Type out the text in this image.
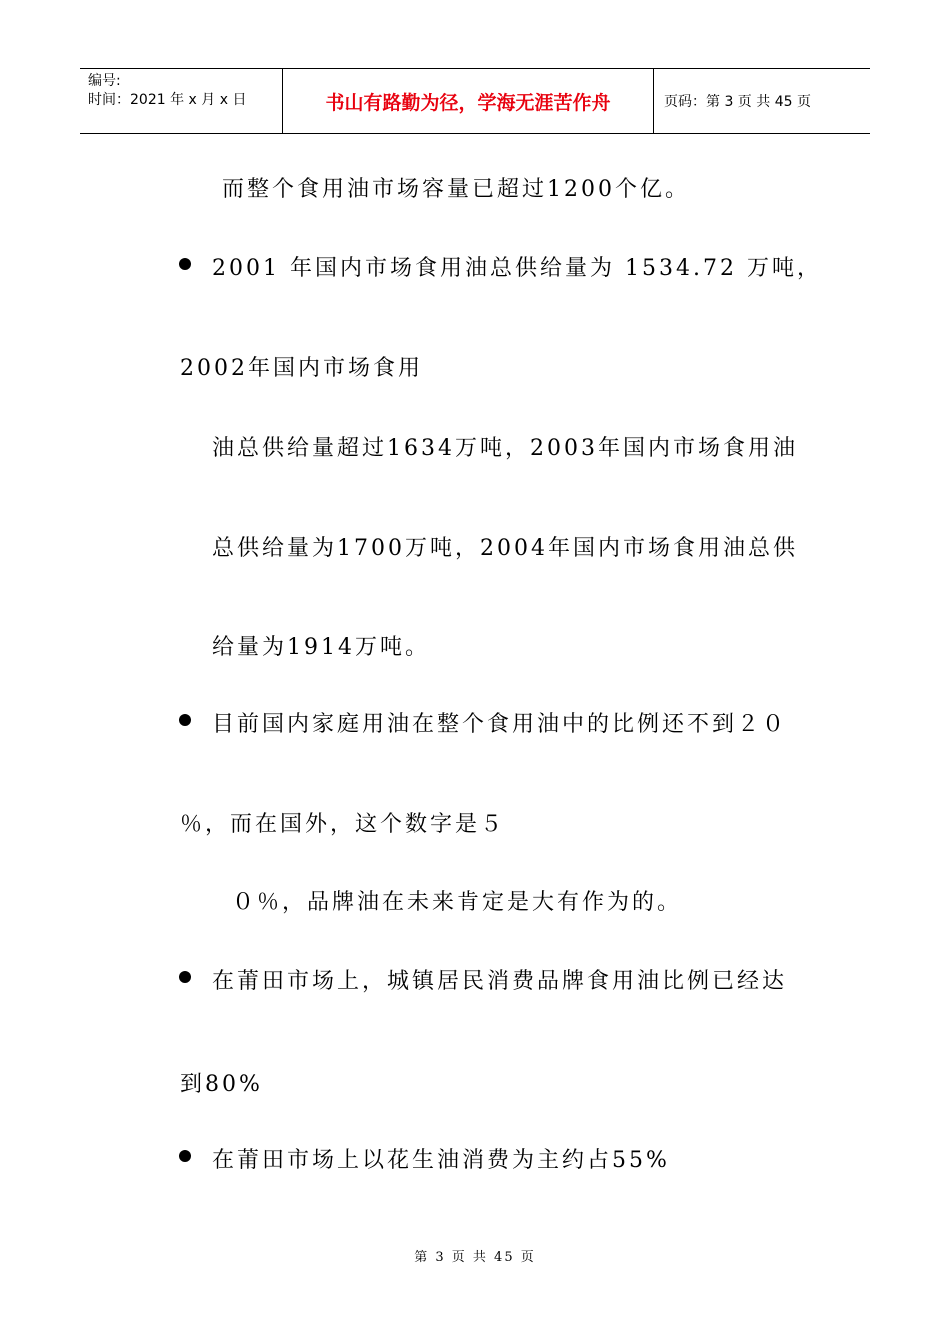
编号:
时间：2021 年 x 月 x 日	书山有路勤为径，学海无涯苦作舟	页码：第 3 页 共 45 页
而整个食用油市场容量已超过1200个亿。
2001 年国内市场食用油总供给量为 1534.72 万吨，
2002年国内市场食用
油总供给量超过1634万吨，2003年国内市场食用油
总供给量为1700万吨，2004年国内市场食用油总供
给量为1914万吨。
目前国内家庭用油在整个食用油中的比例还不到２０
％，而在国外，这个数字是５
０％，品牌油在未来肯定是大有作为的。
在莆田市场上，城镇居民消费品牌食用油比例已经达
到80%
在莆田市场上以花生油消费为主约占55%
第 3 页 共 45 页
